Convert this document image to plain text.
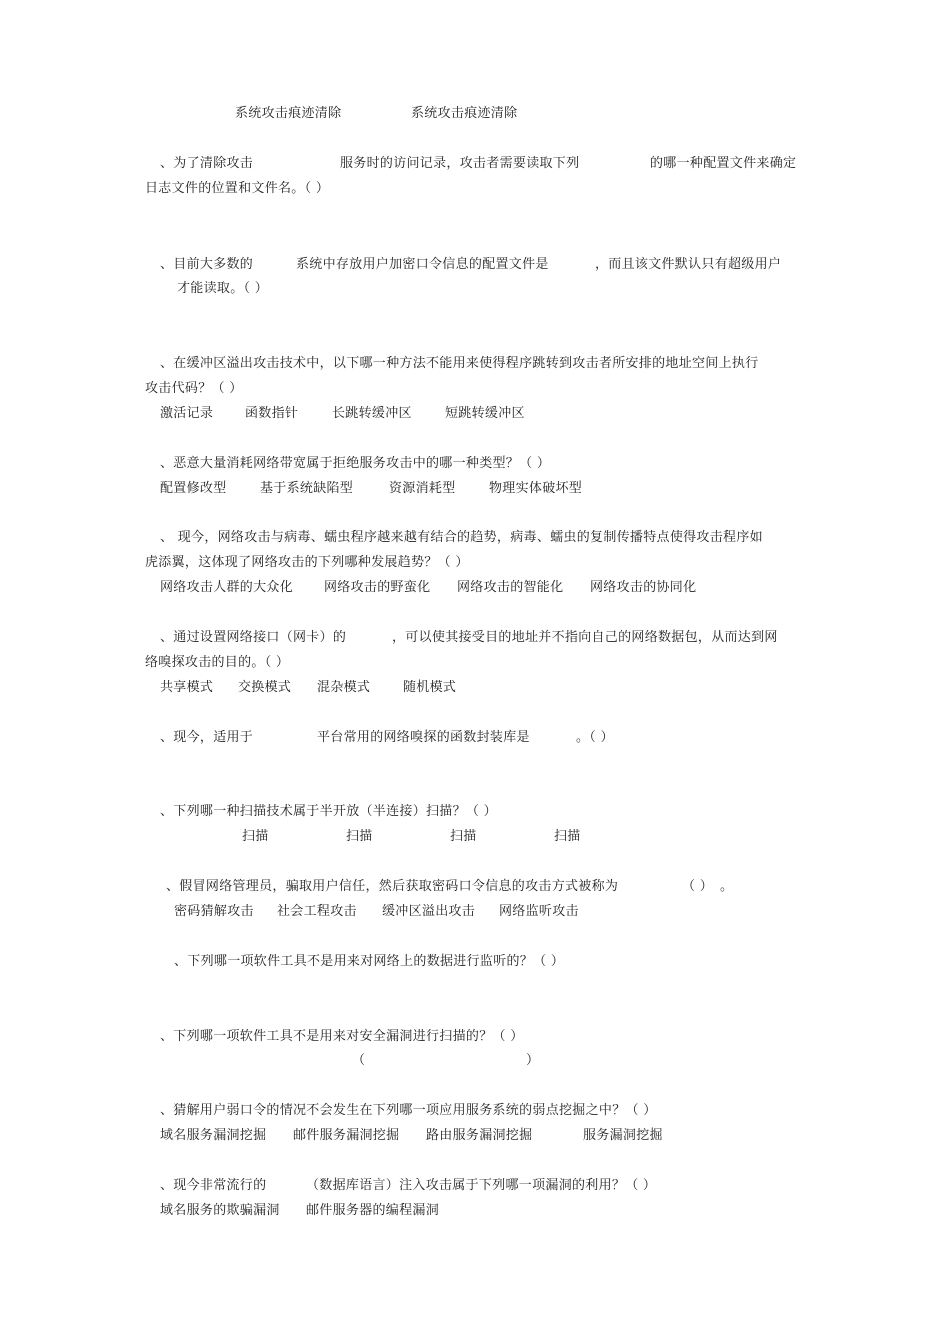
系统攻击痕迹清除	系统攻击痕迹清除
、为了清除攻击	服务时的访问记录，攻击者需要读取下列	的哪一种配置文件来确定
日志文件的位置和文件名。（ ）
、目前大多数的	系统中存放用户加密口令信息的配置文件是	，而且该文件默认只有超级用户
才能读取。（ ）
、在缓冲区溢出攻击技术中，以下哪一种方法不能用来使得程序跳转到攻击者所安排的地址空间上执行
攻击代码？（ ）
激活记录 函数指针	长跳转缓冲区	短跳转缓冲区
、恶意大量消耗网络带宽属于拒绝服务攻击中的哪一种类型？（ ）
配置修改型	基于系统缺陷型	资源消耗型	物理实体破坏型
、 现今，网络攻击与病毒、蠕虫程序越来越有结合的趋势，病毒、蠕虫的复制传播特点使得攻击程序如
虎添翼，这体现了网络攻击的下列哪种发展趋势？（ ）
网络攻击人群的大众化 网络攻击的野蛮化 网络攻击的智能化 网络攻击的协同化
、通过设置网络接口（网卡）的	，可以使其接受目的地址并不指向自己的网络数据包，从而达到网
络嗅探攻击的目的。（ ）
共享模式 交换模式 混杂模式	随机模式
、现今，适用于	平台常用的网络嗅探的函数封装库是	。（ ）
、下列哪一种扫描技术属于半开放（半连接）扫描？（ ）
扫描	扫描	扫描	扫描
、假冒网络管理员，骗取用户信任，然后获取密码口令信息的攻击方式被称为	（ ） 。
密码猜解攻击 社会工程攻击 缓冲区溢出攻击 网络监听攻击
、下列哪一项软件工具不是用来对网络上的数据进行监听的？（ ）
、下列哪一项软件工具不是用来对安全漏洞进行扫描的？（ ）
（	）
、猜解用户弱口令的情况不会发生在下列哪一项应用服务系统的弱点挖掘之中？（ ）
域名服务漏洞挖掘 邮件服务漏洞挖掘 路由服务漏洞挖掘	服务漏洞挖掘
、现今非常流行的	（数据库语言）注入攻击属于下列哪一项漏洞的利用？（ ）
域名服务的欺骗漏洞 邮件服务器的编程漏洞
